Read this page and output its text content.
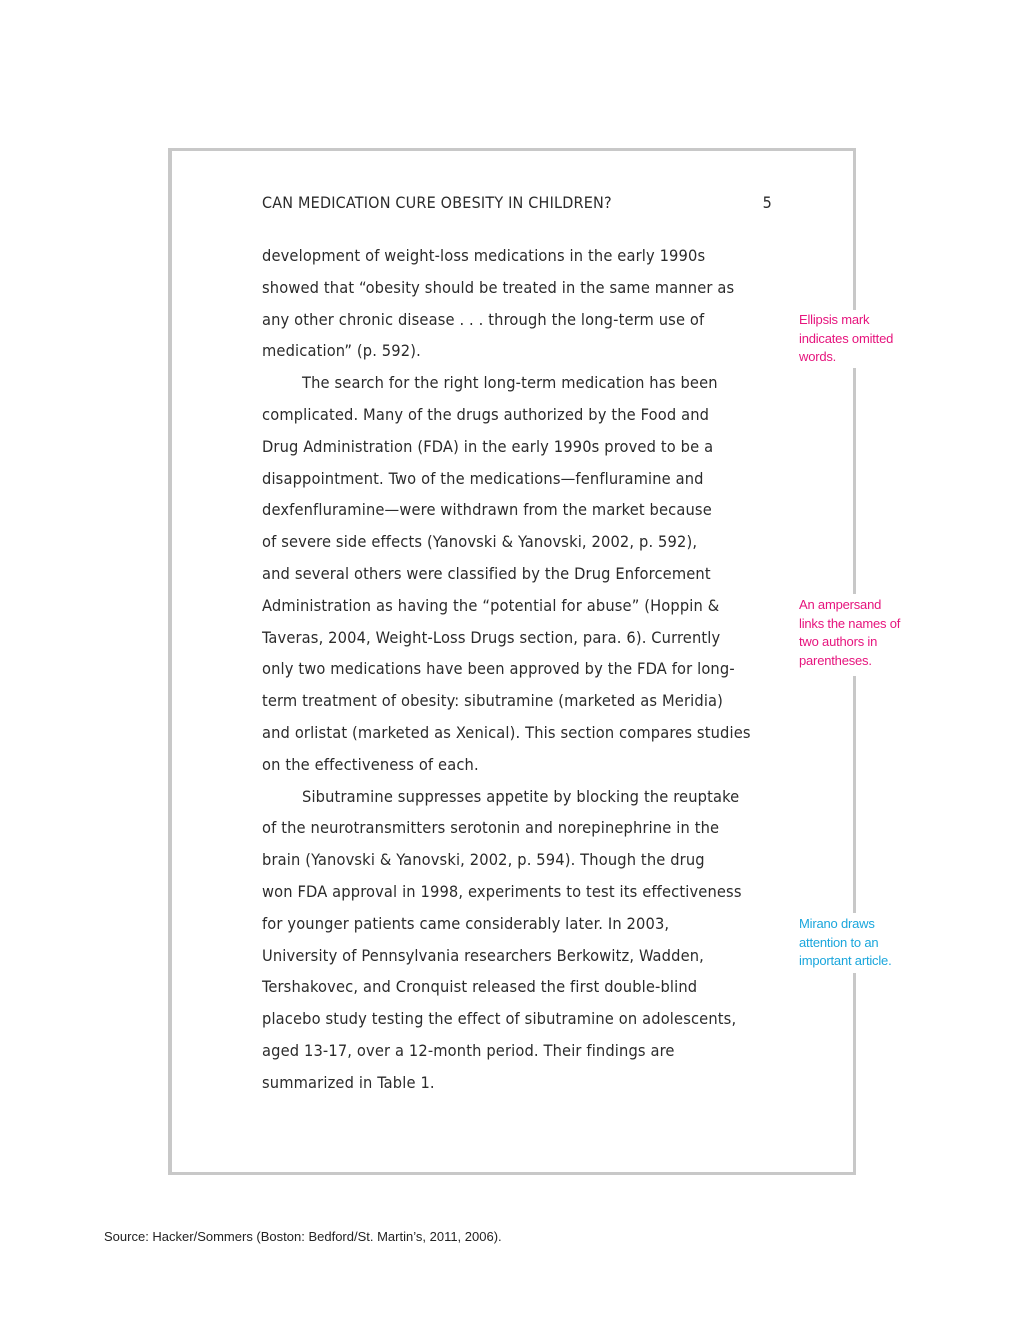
CAN MEDICATION CURE OBESITY IN CHILDREN?	5
development of weight-loss medications in the early 1990s
showed that “obesity should be treated in the same manner as
any other chronic disease . . . through the long-term use of
medication” (p. 592).
The search for the right long-term medication has been
complicated. Many of the drugs authorized by the Food and
Drug Administration (FDA) in the early 1990s proved to be a
disappointment. Two of the medications—fenfluramine and
dexfenfluramine—were withdrawn from the market because
of severe side effects (Yanovski & Yanovski, 2002, p. 592),
and several others were classified by the Drug Enforcement
Administration as having the “potential for abuse” (Hoppin &
Taveras, 2004, Weight-Loss Drugs section, para. 6). Currently
only two medications have been approved by the FDA for long-
term treatment of obesity: sibutramine (marketed as Meridia)
and orlistat (marketed as Xenical). This section compares studies
on the effectiveness of each.
Sibutramine suppresses appetite by blocking the reuptake
of the neurotransmitters serotonin and norepinephrine in the
brain (Yanovski & Yanovski, 2002, p. 594). Though the drug
won FDA approval in 1998, experiments to test its effectiveness
for younger patients came considerably later. In 2003,
University of Pennsylvania researchers Berkowitz, Wadden,
Tershakovec, and Cronquist released the first double-blind
placebo study testing the effect of sibutramine on adolescents,
aged 13-17, over a 12-month period. Their findings are
summarized in Table 1.
Ellipsis mark
indicates omitted
words.
An ampersand
links the names of
two authors in
parentheses.
Mirano draws
attention to an
important article.
Source: Hacker/Sommers (Boston: Bedford/St. Martin’s, 2011, 2006).
